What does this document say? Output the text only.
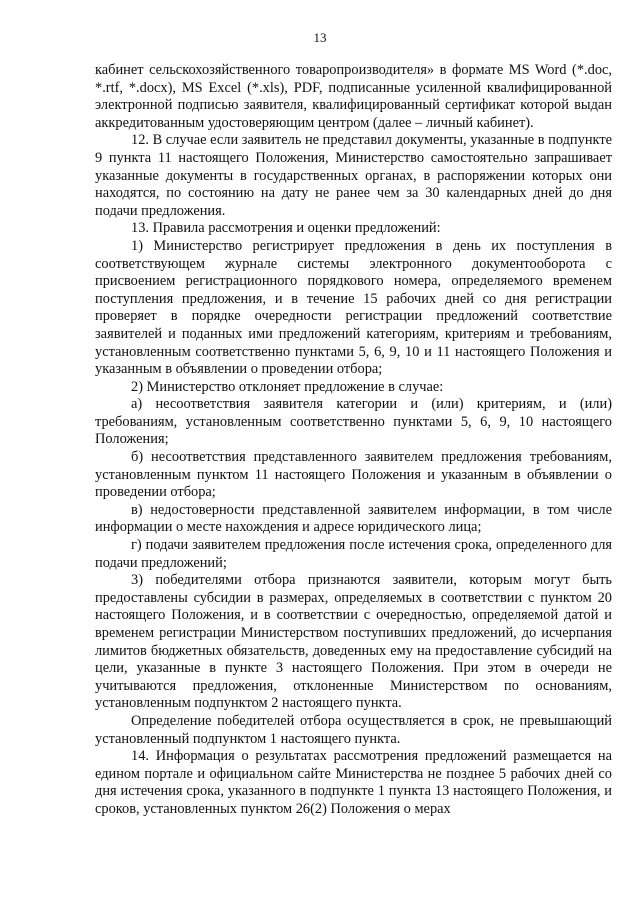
13

кабинет сельскохозяйственного товаропроизводителя» в формате MS Word (*.doc, *.rtf, *.docx), MS Excel (*.xls), PDF, подписанные усиленной квалифицированной электронной подписью заявителя, квалифицированный сертификат которой выдан аккредитованным удостоверяющим центром (далее – личный кабинет).

12. В случае если заявитель не представил документы, указанные в подпункте 9 пункта 11 настоящего Положения, Министерство самостоятельно запрашивает указанные документы в государственных органах, в распоряжении которых они находятся, по состоянию на дату не ранее чем за 30 календарных дней до дня подачи предложения.

13. Правила рассмотрения и оценки предложений:

1) Министерство регистрирует предложения в день их поступления в соответствующем журнале системы электронного документооборота с присвоением регистрационного порядкового номера, определяемого временем поступления предложения, и в течение 15 рабочих дней со дня регистрации проверяет в порядке очередности регистрации предложений соответствие заявителей и поданных ими предложений категориям, критериям и требованиям, установленным соответственно пунктами 5, 6, 9, 10 и 11 настоящего Положения и указанным в объявлении о проведении отбора;

2) Министерство отклоняет предложение в случае:

а) несоответствия заявителя категории и (или) критериям, и (или) требованиям, установленным соответственно пунктами 5, 6, 9, 10 настоящего Положения;

б) несоответствия представленного заявителем предложения требованиям, установленным пунктом 11 настоящего Положения и указанным в объявлении о проведении отбора;

в) недостоверности представленной заявителем информации, в том числе информации о месте нахождения и адресе юридического лица;

г) подачи заявителем предложения после истечения срока, определенного для подачи предложений;

3) победителями отбора признаются заявители, которым могут быть предоставлены субсидии в размерах, определяемых в соответствии с пунктом 20 настоящего Положения, и в соответствии с очередностью, определяемой датой и временем регистрации Министерством поступивших предложений, до исчерпания лимитов бюджетных обязательств, доведенных ему на предоставление субсидий на цели, указанные в пункте 3 настоящего Положения. При этом в очереди не учитываются предложения, отклоненные Министерством по основаниям, установленным подпунктом 2 настоящего пункта.

Определение победителей отбора осуществляется в срок, не превышающий установленный подпунктом 1 настоящего пункта.

14. Информация о результатах рассмотрения предложений размещается на едином портале и официальном сайте Министерства не позднее 5 рабочих дней со дня истечения срока, указанного в подпункте 1 пункта 13 настоящего Положения, и сроков, установленных пунктом 26(2) Положения о мерах
